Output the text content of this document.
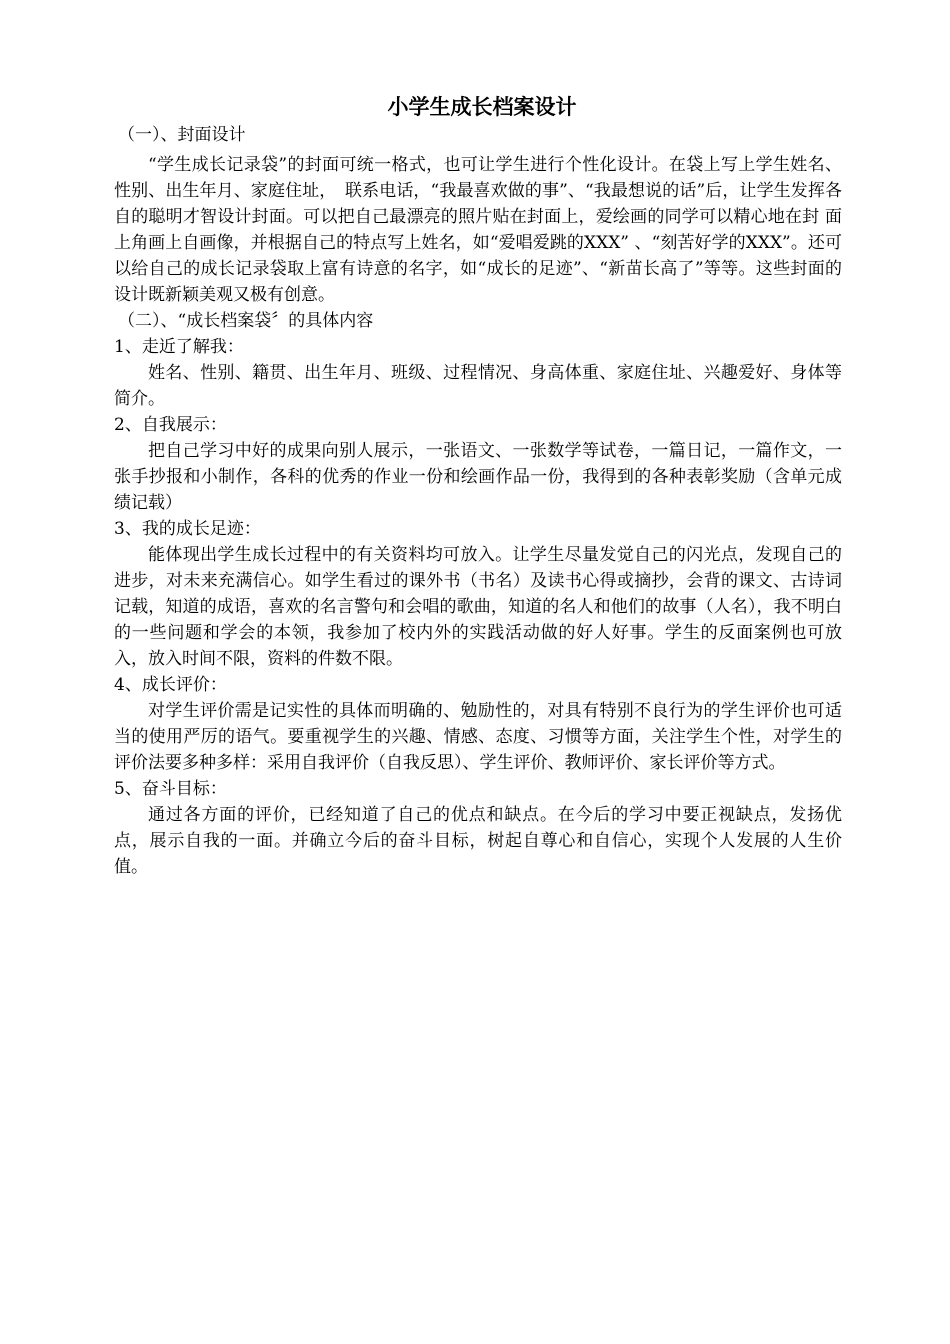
小学生成长档案设计

（一）、封面设计

“学生成长记录袋”的封面可统一格式，也可让学生进行个性化设计。在袋上写上学生姓名、性别、出生年月、家庭住址，　联系电话，“我最喜欢做的事”、“我最想说的话”后，让学生发挥各自的聪明才智设计封面。可以把自己最漂亮的照片贴在封面上，爱绘画的同学可以精心地在封 面上角画上自画像，并根据自己的特点写上姓名，如“爱唱爱跳的XXX” 、“刻苦好学的XXX”。还可以给自己的成长记录袋取上富有诗意的名字，如“成长的足迹”、“新苗长高了”等等。这些封面的设计既新颖美观又极有创意。

（二）、“成长档案袋〞的具体内容

1、走近了解我：

姓名、性别、籍贯、出生年月、班级、过程情况、身高体重、家庭住址、兴趣爱好、身体等简介。

2、自我展示：

把自己学习中好的成果向别人展示，一张语文、一张数学等试卷，一篇日记，一篇作文，一张手抄报和小制作，各科的优秀的作业一份和绘画作品一份，我得到的各种表彰奖励（含单元成绩记载）

3、我的成长足迹：

能体现出学生成长过程中的有关资料均可放入。让学生尽量发觉自己的闪光点，发现自己的进步，对未来充满信心。如学生看过的课外书（书名）及读书心得或摘抄，会背的课文、古诗词记载，知道的成语，喜欢的名言警句和会唱的歌曲，知道的名人和他们的故事（人名），我不明白的一些问题和学会的本领，我参加了校内外的实践活动做的好人好事。学生的反面案例也可放入，放入时间不限，资料的件数不限。

4、成长评价：

对学生评价需是记实性的具体而明确的、勉励性的，对具有特别不良行为的学生评价也可适当的使用严厉的语气。要重视学生的兴趣、情感、态度、习惯等方面，关注学生个性，对学生的评价法要多种多样：采用自我评价（自我反思）、学生评价、教师评价、家长评价等方式。

5、奋斗目标：

通过各方面的评价，已经知道了自己的优点和缺点。在今后的学习中要正视缺点，发扬优点，展示自我的一面。并确立今后的奋斗目标，树起自尊心和自信心，实现个人发展的人生价值。
